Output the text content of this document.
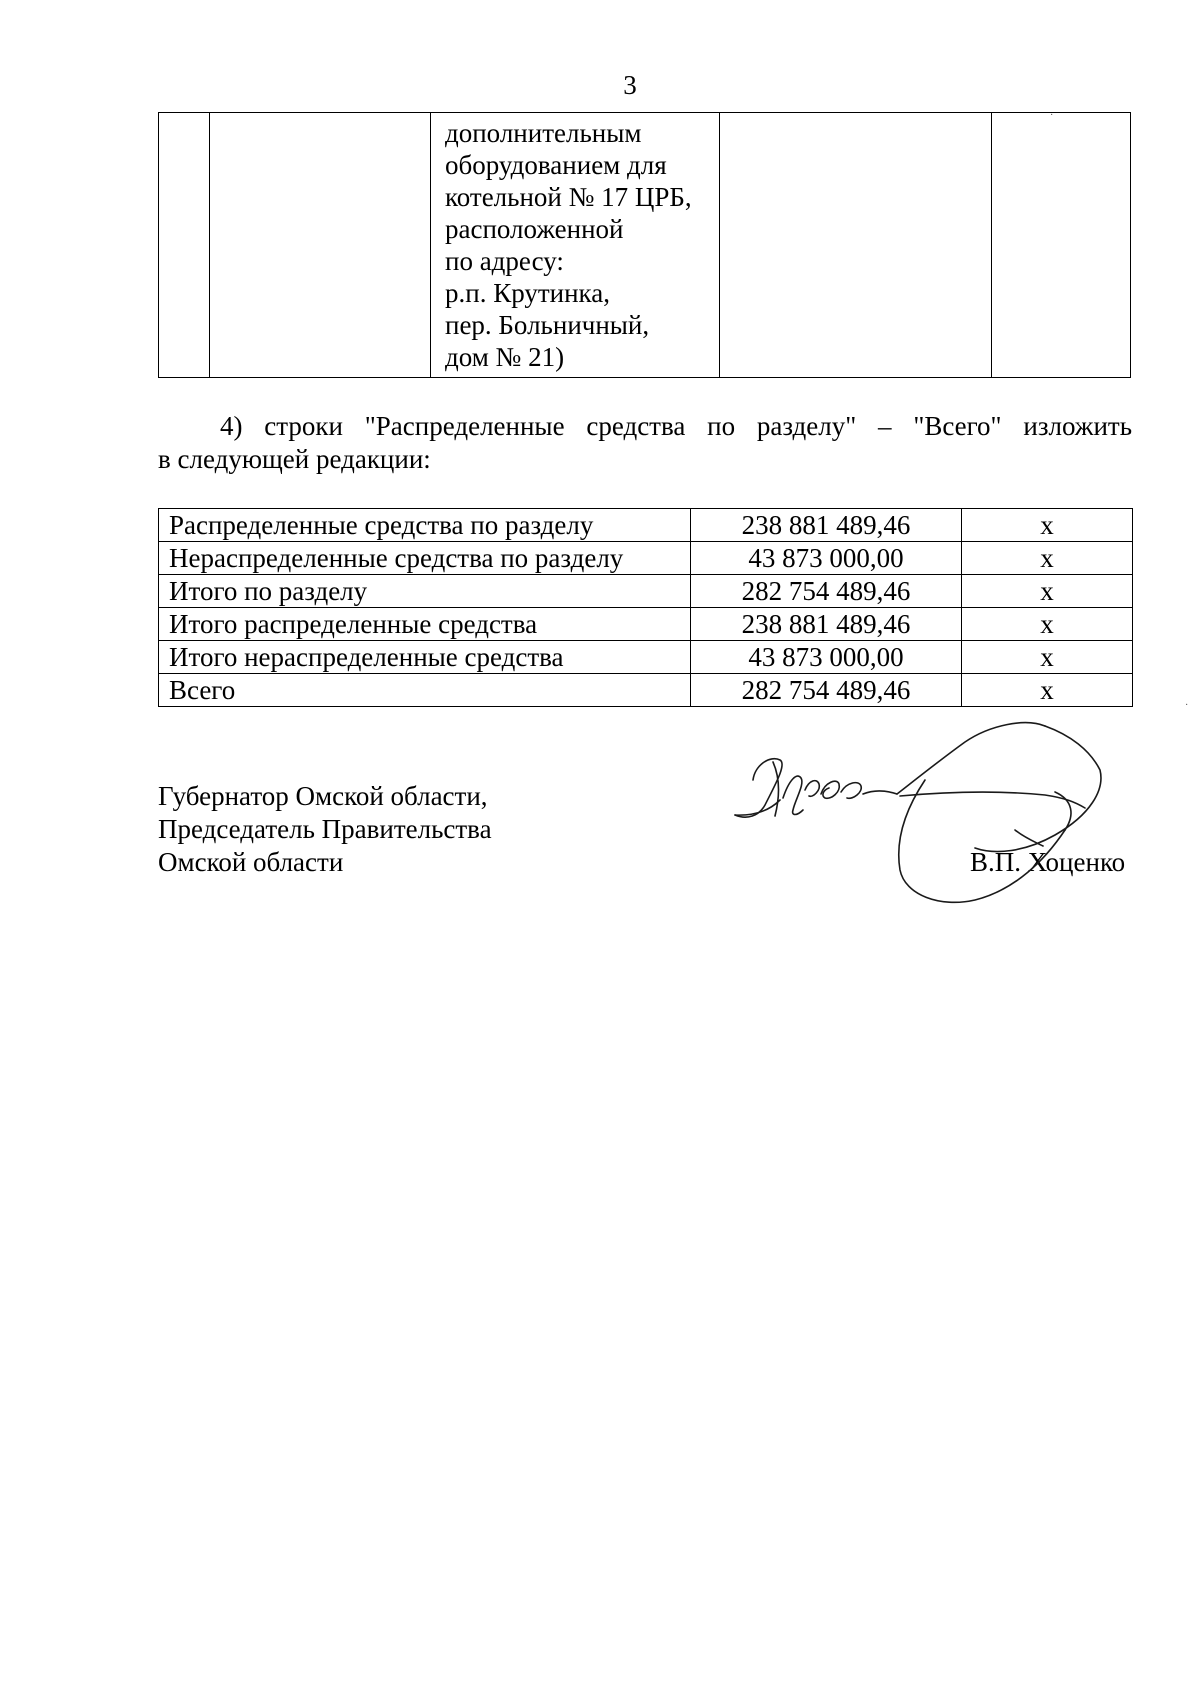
3

дополнительным
оборудованием для
котельной № 17 ЦРБ,
расположенной
по адресу:
р.п. Крутинка,
пер. Больничный,
дом № 21)

4) строки "Распределенные средства по разделу" – "Всего" изложить
в следующей редакции:
Распределенные средства по разделу	238 881 489,46	х
Нераспределенные средства по разделу	43 873 000,00	х
Итого по разделу	282 754 489,46	х
Итого распределенные средства	238 881 489,46	х
Итого нераспределенные средства	43 873 000,00	х
Всего	282 754 489,46	х
Губернатор Омской области,
Председатель Правительства
Омской области	В.П. Хоценко
·
·
